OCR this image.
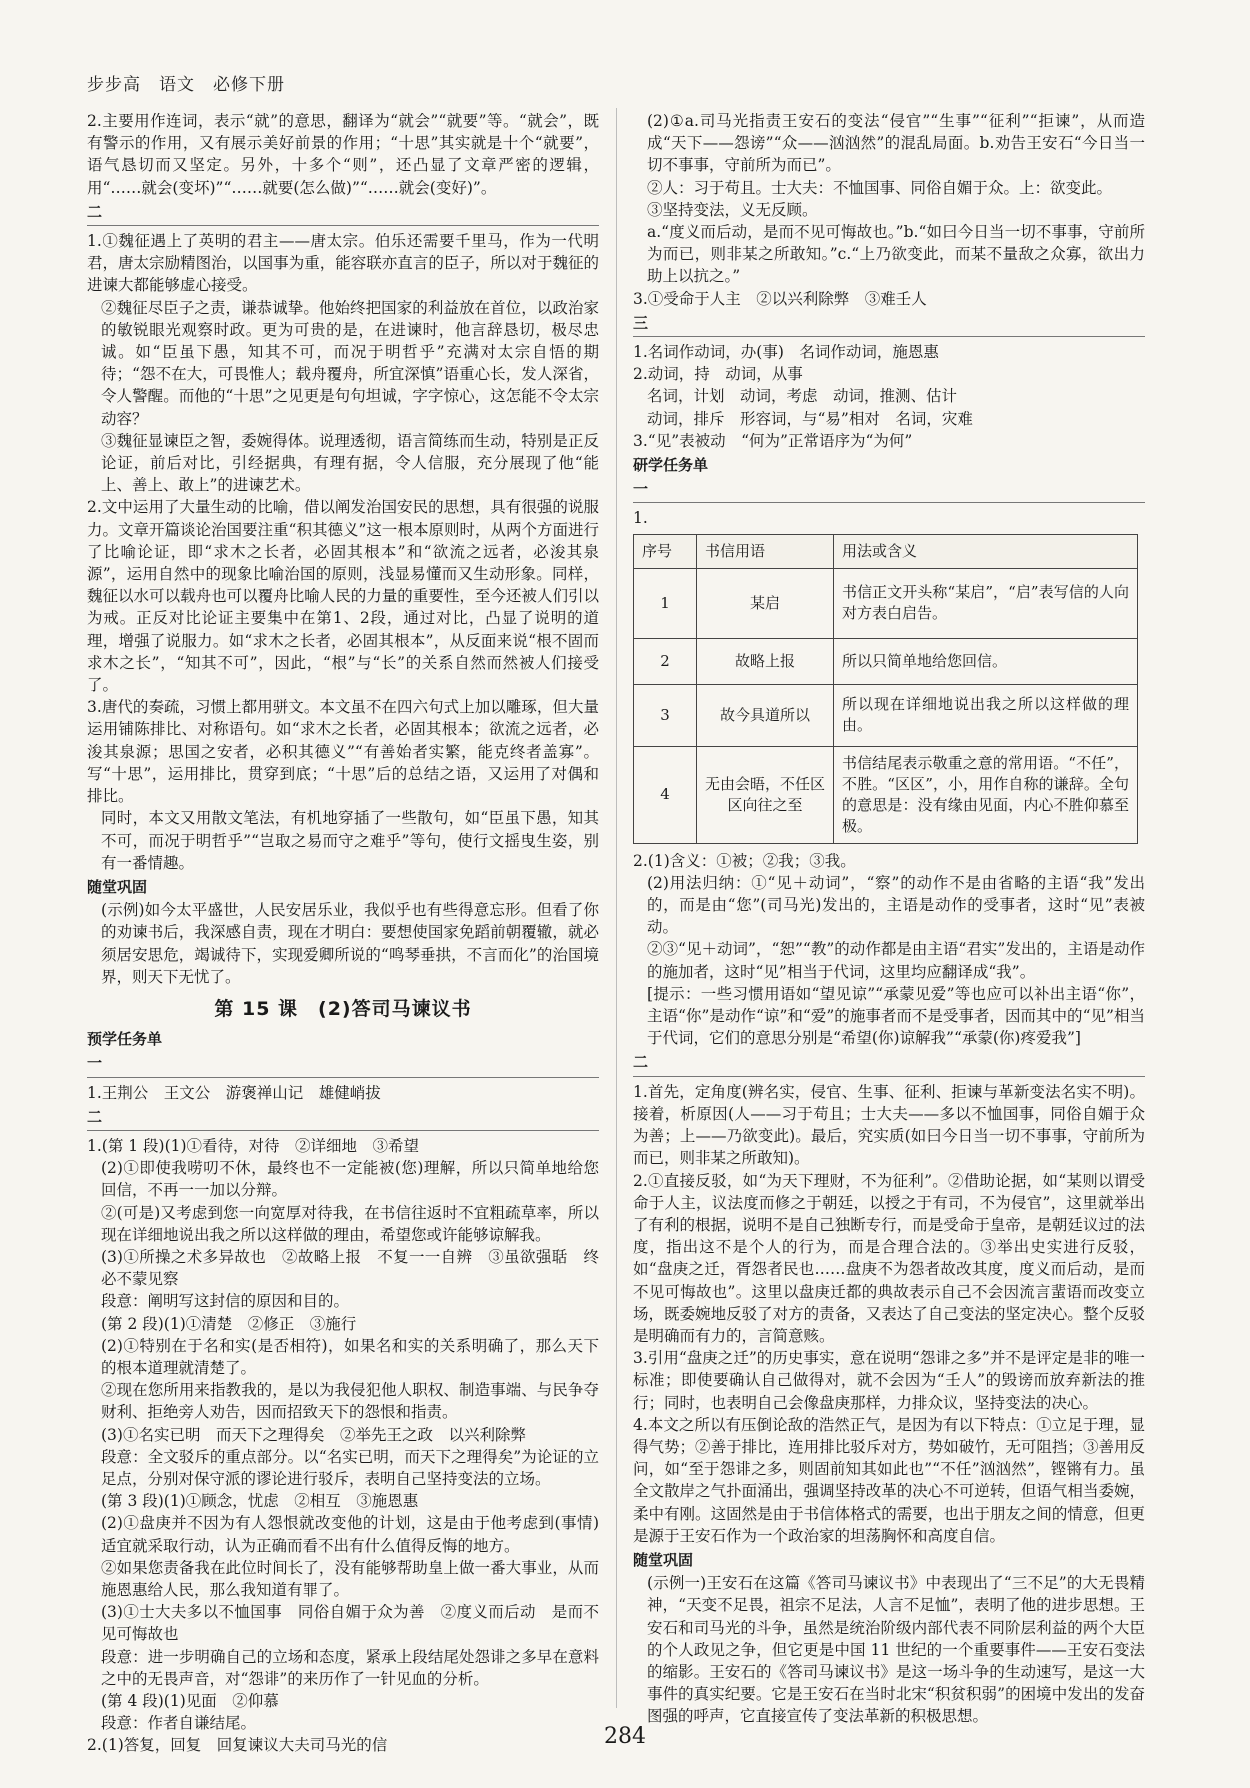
步步高　语文　必修下册

2.主要用作连词，表示“就”的意思，翻译为“就会”“就要”等。“就会”，既有警示的作用，又有展示美好前景的作用；“十思”其实就是十个“就要”，语气恳切而又坚定。另外，十多个“则”，还凸显了文章严密的逻辑，用“……就会(变坏)”“……就要(怎么做)”“……就会(变好)”。

二

1.①魏征遇上了英明的君主——唐太宗。伯乐还需要千里马，作为一代明君，唐太宗励精图治，以国事为重，能容联亦直言的臣子，所以对于魏征的进谏大都能够虚心接受。

②魏征尽臣子之责，谦恭诚挚。他始终把国家的利益放在首位，以政治家的敏锐眼光观察时政。更为可贵的是，在进谏时，他言辞恳切，极尽忠诚。如“臣虽下愚，知其不可，而况于明哲乎”充满对太宗自悟的期待；“怨不在大，可畏惟人；载舟覆舟，所宜深慎”语重心长，发人深省，令人警醒。而他的“十思”之见更是句句坦诚，字字惊心，这怎能不令太宗动容？

③魏征显谏臣之智，委婉得体。说理透彻，语言简练而生动，特别是正反论证，前后对比，引经据典，有理有据，令人信服，充分展现了他“能上、善上、敢上”的进谏艺术。

2.文中运用了大量生动的比喻，借以阐发治国安民的思想，具有很强的说服力。文章开篇谈论治国要注重“积其德义”这一根本原则时，从两个方面进行了比喻论证，即“求木之长者，必固其根本”和“欲流之远者，必浚其泉源”，运用自然中的现象比喻治国的原则，浅显易懂而又生动形象。同样，魏征以水可以载舟也可以覆舟比喻人民的力量的重要性，至今还被人们引以为戒。正反对比论证主要集中在第1、2段，通过对比，凸显了说明的道理，增强了说服力。如“求木之长者，必固其根本”，从反面来说“根不固而求木之长”，“知其不可”，因此，“根”与“长”的关系自然而然被人们接受了。

3.唐代的奏疏，习惯上都用骈文。本文虽不在四六句式上加以雕琢，但大量运用铺陈排比、对称语句。如“求木之长者，必固其根本；欲流之远者，必浚其泉源；思国之安者，必积其德义”“有善始者实繁，能克终者盖寡”。写“十思”，运用排比，贯穿到底；“十思”后的总结之语，又运用了对偶和排比。

同时，本文又用散文笔法，有机地穿插了一些散句，如“臣虽下愚，知其不可，而况于明哲乎”“岂取之易而守之难乎”等句，使行文摇曳生姿，别有一番情趣。

随堂巩固

(示例)如今太平盛世，人民安居乐业，我似乎也有些得意忘形。但看了你的劝谏书后，我深感自责，现在才明白：要想使国家免蹈前朝覆辙，就必须居安思危，竭诚待下，实现爱卿所说的“鸣琴垂拱，不言而化”的治国境界，则天下无忧了。

第 15 课　(2)答司马谏议书
预学任务单
一

1.王荆公　王文公　游褒禅山记　雄健峭拔

二

1.(第 1 段)(1)①看待，对待　②详细地　③希望

(2)①即使我唠叨不休，最终也不一定能被(您)理解，所以只简单地给您回信，不再一一加以分辩。

②(可是)又考虑到您一向宽厚对待我，在书信往返时不宜粗疏草率，所以现在详细地说出我之所以这样做的理由，希望您或许能够谅解我。

(3)①所操之术多异故也　②故略上报　不复一一自辨　③虽欲强聒　终必不蒙见察

段意：阐明写这封信的原因和目的。

(第 2 段)(1)①清楚　②修正　③施行

(2)①特别在于名和实(是否相符)，如果名和实的关系明确了，那么天下的根本道理就清楚了。

②现在您所用来指教我的，是以为我侵犯他人职权、制造事端、与民争夺财利、拒绝旁人劝告，因而招致天下的怨恨和指责。

(3)①名实已明　而天下之理得矣　②举先王之政　以兴利除弊

段意：全文驳斥的重点部分。以“名实已明，而天下之理得矣”为论证的立足点，分别对保守派的谬论进行驳斥，表明自己坚持变法的立场。

(第 3 段)(1)①顾念，忧虑　②相互　③施恩惠

(2)①盘庚并不因为有人怨恨就改变他的计划，这是由于他考虑到(事情)适宜就采取行动，认为正确而看不出有什么值得反悔的地方。

②如果您责备我在此位时间长了，没有能够帮助皇上做一番大事业，从而施恩惠给人民，那么我知道有罪了。

(3)①士大夫多以不恤国事　同俗自媚于众为善　②度义而后动　是而不见可悔故也

段意：进一步明确自己的立场和态度，紧承上段结尾处怨诽之多早在意料之中的无畏声音，对“怨诽”的来历作了一针见血的分析。

(第 4 段)(1)见面　②仰慕

段意：作者自谦结尾。

2.(1)答复，回复　回复谏议大夫司马光的信

(2)①a.司马光指责王安石的变法“侵官”“生事”“征利”“拒谏”，从而造成“天下——怨谤”“众——汹汹然”的混乱局面。b.劝告王安石“今日当一切不事事，守前所为而已”。

②人：习于苟且。士大夫：不恤国事、同俗自媚于众。上：欲变此。

③坚持变法，义无反顾。

a.“度义而后动，是而不见可悔故也。”b.“如曰今日当一切不事事，守前所为而已，则非某之所敢知。”c.“上乃欲变此，而某不量敌之众寡，欲出力助上以抗之。”

3.①受命于人主　②以兴利除弊　③难壬人

三

1.名词作动词，办(事)　名词作动词，施恩惠

2.动词，持　动词，从事

名词，计划　动词，考虑　动词，推测、估计

动词，排斥　形容词，与“易”相对　名词，灾难

3.“见”表被动　“何为”正常语序为“为何”

研学任务单
一

1.

序号	书信用语	用法或含义
1	某启	书信正文开头称“某启”，“启”表写信的人向对方表白启告。
2	故略上报	所以只简单地给您回信。
3	故今具道所以	所以现在详细地说出我之所以这样做的理由。
4	无由会晤，不任区区向往之至	书信结尾表示敬重之意的常用语。“不任”，不胜。“区区”，小，用作自称的谦辞。全句的意思是：没有缘由见面，内心不胜仰慕至极。

2.(1)含义：①被；②我；③我。

(2)用法归纳：①“见＋动词”，“察”的动作不是由省略的主语“我”发出的，而是由“您”(司马光)发出的，主语是动作的受事者，这时“见”表被动。

②③“见＋动词”，“恕”“教”的动作都是由主语“君实”发出的，主语是动作的施加者，这时“见”相当于代词，这里均应翻译成“我”。

[提示：一些习惯用语如“望见谅”“承蒙见爱”等也应可以补出主语“你”，主语“你”是动作“谅”和“爱”的施事者而不是受事者，因而其中的“见”相当于代词，它们的意思分别是“希望(你)谅解我”“承蒙(你)疼爱我”]

二

1.首先，定角度(辨名实，侵官、生事、征利、拒谏与革新变法名实不明)。接着，析原因(人——习于苟且；士大夫——多以不恤国事，同俗自媚于众为善；上——乃欲变此)。最后，究实质(如曰今日当一切不事事，守前所为而已，则非某之所敢知)。

2.①直接反驳，如“为天下理财，不为征利”。②借助论据，如“某则以谓受命于人主，议法度而修之于朝廷，以授之于有司，不为侵官”，这里就举出了有利的根据，说明不是自己独断专行，而是受命于皇帝，是朝廷议过的法度，指出这不是个人的行为，而是合理合法的。③举出史实进行反驳，如“盘庚之迁，胥怨者民也……盘庚不为怨者故改其度，度义而后动，是而不见可悔故也”。这里以盘庚迁都的典故表示自己不会因流言蜚语而改变立场，既委婉地反驳了对方的责备，又表达了自己变法的坚定决心。整个反驳是明确而有力的，言简意赅。

3.引用“盘庚之迁”的历史事实，意在说明“怨诽之多”并不是评定是非的唯一标准；即使要确认自己做得对，就不会因为“壬人”的毁谤而放弃新法的推行；同时，也表明自己会像盘庚那样，力排众议，坚持变法的决心。

4.本文之所以有压倒论敌的浩然正气，是因为有以下特点：①立足于理，显得气势；②善于排比，连用排比驳斥对方，势如破竹，无可阻挡；③善用反问，如“至于怨诽之多，则固前知其如此也”“不任”汹汹然”，铿锵有力。虽全文散岸之气扑面涌出，强调坚持改革的决心不可逆转，但语气相当委婉，柔中有刚。这固然是由于书信体格式的需要，也出于朋友之间的情意，但更是源于王安石作为一个政治家的坦荡胸怀和高度自信。

随堂巩固

(示例一)王安石在这篇《答司马谏议书》中表现出了“三不足”的大无畏精神，“天变不足畏，祖宗不足法，人言不足恤”，表明了他的进步思想。王安石和司马光的斗争，虽然是统治阶级内部代表不同阶层利益的两个大臣的个人政见之争，但它更是中国 11 世纪的一个重要事件——王安石变法的缩影。王安石的《答司马谏议书》是这一场斗争的生动速写，是这一大事件的真实纪要。它是王安石在当时北宋“积贫积弱”的困境中发出的发奋图强的呼声，它直接宣传了变法革新的积极思想。

284
